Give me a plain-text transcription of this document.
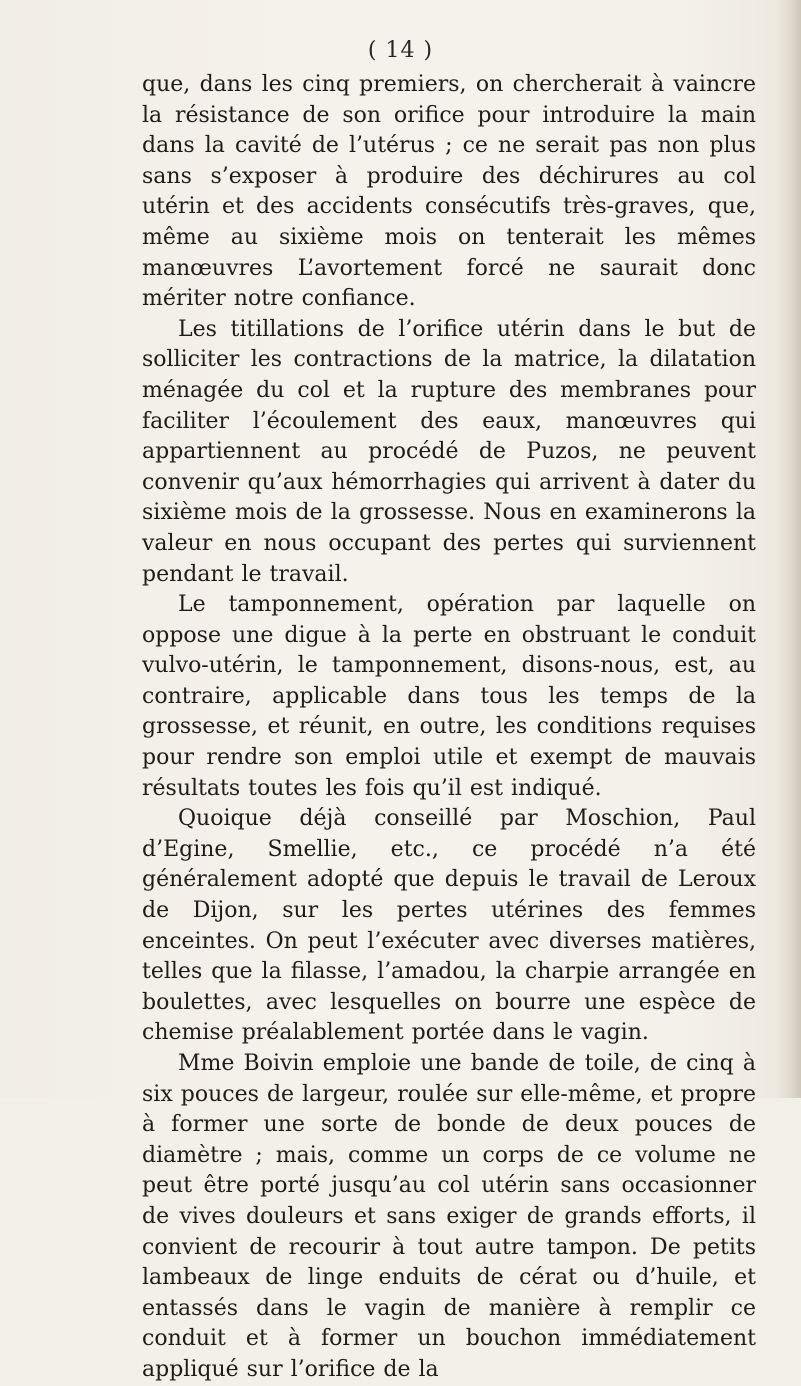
( 14 )

que, dans les cinq premiers, on chercherait à vaincre la résistance de son orifice pour introduire la main dans la cavité de l’utérus ; ce ne serait pas non plus sans s’exposer à produire des déchirures au col utérin et des accidents consécutifs très-graves, que, même au sixième mois on tenterait les mêmes manœuvres L’avortement forcé ne saurait donc mériter notre confiance.

Les titillations de l’orifice utérin dans le but de solliciter les contractions de la matrice, la dilatation ménagée du col et la rupture des membranes pour faciliter l’écoulement des eaux, manœuvres qui appartiennent au procédé de Puzos, ne peuvent convenir qu’aux hémorrhagies qui arrivent à dater du sixième mois de la grossesse. Nous en examinerons la valeur en nous occupant des pertes qui surviennent pendant le travail.

Le tamponnement, opération par laquelle on oppose une digue à la perte en obstruant le conduit vulvo-utérin, le tamponnement, disons-nous, est, au contraire, applicable dans tous les temps de la grossesse, et réunit, en outre, les conditions requises pour rendre son emploi utile et exempt de mauvais résultats toutes les fois qu’il est indiqué.

Quoique déjà conseillé par Moschion, Paul d’Egine, Smellie, etc., ce procédé n’a été généralement adopté que depuis le travail de Leroux de Dijon, sur les pertes utérines des femmes enceintes. On peut l’exécuter avec diverses matières, telles que la filasse, l’amadou, la charpie arrangée en boulettes, avec lesquelles on bourre une espèce de chemise préalablement portée dans le vagin.

Mme Boivin emploie une bande de toile, de cinq à six pouces de largeur, roulée sur elle-même, et propre à former une sorte de bonde de deux pouces de diamètre ; mais, comme un corps de ce volume ne peut être porté jusqu’au col utérin sans occasionner de vives douleurs et sans exiger de grands efforts, il convient de recourir à tout autre tampon. De petits lambeaux de linge enduits de cérat ou d’huile, et entassés dans le vagin de manière à remplir ce conduit et à former un bouchon immédiatement appliqué sur l’orifice de la
